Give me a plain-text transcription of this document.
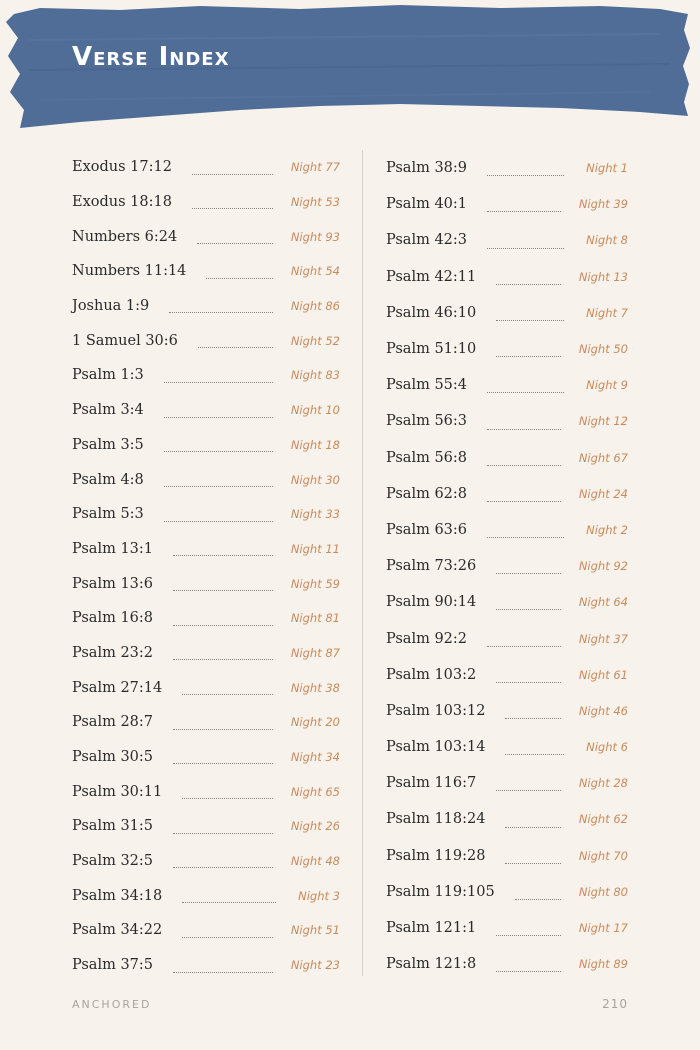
Verse Index
Exodus 17:12	Night 77
Exodus 18:18	Night 53
Numbers 6:24	Night 93
Numbers 11:14	Night 54
Joshua 1:9	Night 86
1 Samuel 30:6	Night 52
Psalm 1:3	Night 83
Psalm 3:4	Night 10
Psalm 3:5	Night 18
Psalm 4:8	Night 30
Psalm 5:3	Night 33
Psalm 13:1	Night 11
Psalm 13:6	Night 59
Psalm 16:8	Night 81
Psalm 23:2	Night 87
Psalm 27:14	Night 38
Psalm 28:7	Night 20
Psalm 30:5	Night 34
Psalm 30:11	Night 65
Psalm 31:5	Night 26
Psalm 32:5	Night 48
Psalm 34:18	Night 3
Psalm 34:22	Night 51
Psalm 37:5	Night 23
Psalm 38:9	Night 1
Psalm 40:1	Night 39
Psalm 42:3	Night 8
Psalm 42:11	Night 13
Psalm 46:10	Night 7
Psalm 51:10	Night 50
Psalm 55:4	Night 9
Psalm 56:3	Night 12
Psalm 56:8	Night 67
Psalm 62:8	Night 24
Psalm 63:6	Night 2
Psalm 73:26	Night 92
Psalm 90:14	Night 64
Psalm 92:2	Night 37
Psalm 103:2	Night 61
Psalm 103:12	Night 46
Psalm 103:14	Night 6
Psalm 116:7	Night 28
Psalm 118:24	Night 62
Psalm 119:28	Night 70
Psalm 119:105	Night 80
Psalm 121:1	Night 17
Psalm 121:8	Night 89
ANCHORED	210
